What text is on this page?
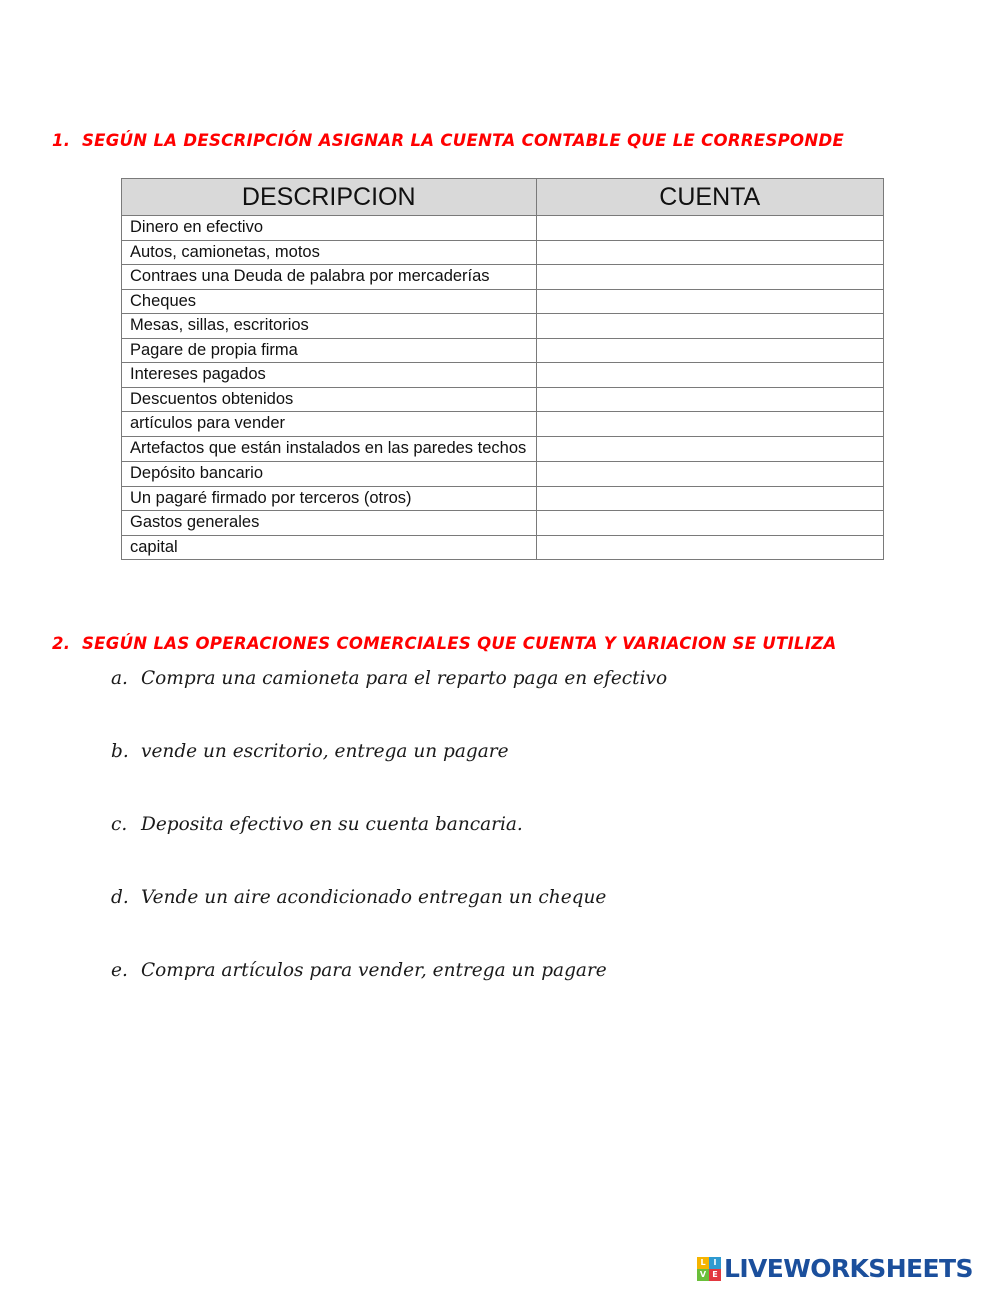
1. SEGÚN LA DESCRIPCIÓN ASIGNAR LA CUENTA CONTABLE QUE LE CORRESPONDE
DESCRIPCION	CUENTA
Dinero en efectivo	
Autos, camionetas, motos	
Contraes una Deuda de palabra por mercaderías	
Cheques	
Mesas, sillas, escritorios	
Pagare de propia firma	
Intereses pagados	
Descuentos obtenidos	
artículos para vender	
Artefactos que están instalados en las paredes techos	
Depósito bancario	
Un pagaré firmado por terceros (otros)	
Gastos generales	
capital	
2. SEGÚN LAS OPERACIONES COMERCIALES QUE CUENTA Y VARIACION SE UTILIZA
a. Compra una camioneta para el reparto paga en efectivo
b. vende un escritorio, entrega un pagare
c. Deposita efectivo en su cuenta bancaria.
d. Vende un aire acondicionado entregan un cheque
e. Compra artículos para vender, entrega un pagare
L I
V E LIVEWORKSHEETS
